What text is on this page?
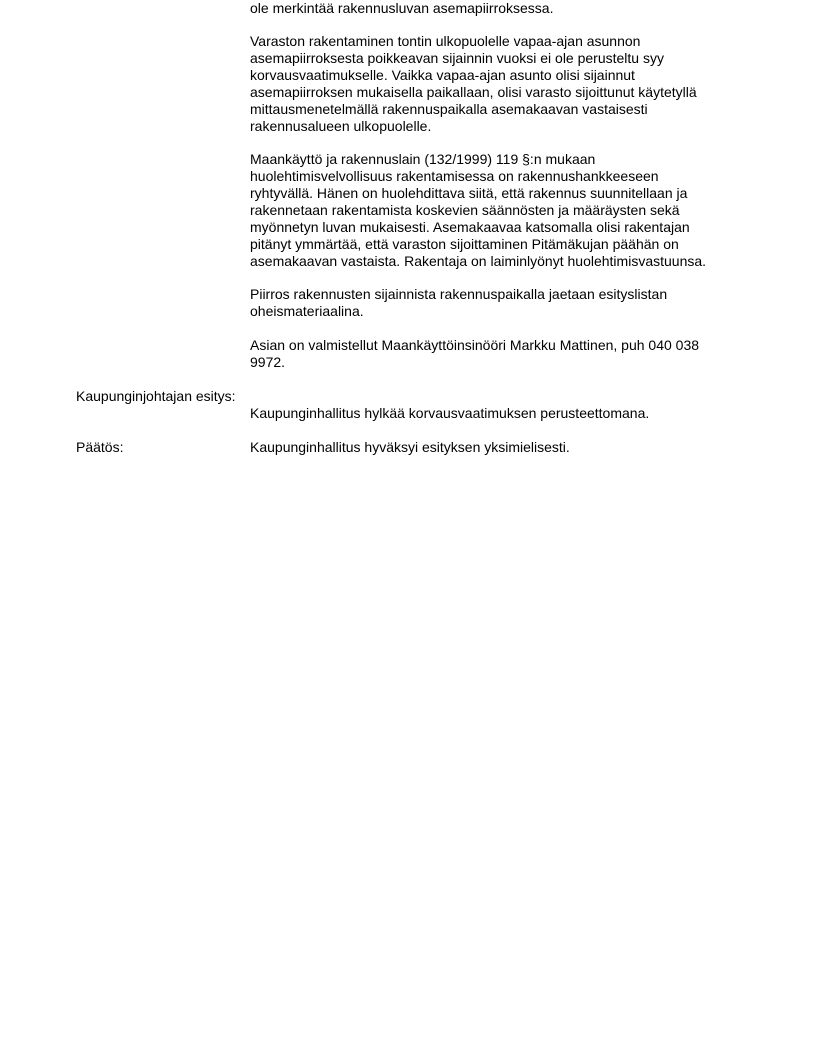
ole merkintää rakennusluvan asemapiirroksessa.

Varaston rakentaminen tontin ulkopuolelle vapaa-ajan asunnon
asemapiirroksesta poikkeavan sijainnin vuoksi ei ole perusteltu syy
korvausvaatimukselle. Vaikka vapaa-ajan asunto olisi sijainnut
asemapiirroksen mukaisella paikallaan, olisi varasto sijoittunut käytetyllä
mittausmenetelmällä rakennuspaikalla asemakaavan vastaisesti
rakennusalueen ulkopuolelle.

Maankäyttö ja rakennuslain (132/1999) 119 §:n mukaan
huolehtimisvelvollisuus rakentamisessa on rakennushankkeeseen
ryhtyvällä. Hänen on huolehdittava siitä, että rakennus suunnitellaan ja
rakennetaan rakentamista koskevien säännösten ja määräysten sekä
myönnetyn luvan mukaisesti. Asemakaavaa katsomalla olisi rakentajan
pitänyt ymmärtää, että varaston sijoittaminen Pitämäkujan päähän on
asemakaavan vastaista. Rakentaja on laiminlyönyt huolehtimisvastuunsa.

Piirros rakennusten sijainnista rakennuspaikalla jaetaan esityslistan
oheismateriaalina.

Asian on valmistellut Maankäyttöinsinööri Markku Mattinen, puh 040 038
9972.

Kaupunginjohtajan esitys:

Kaupunginhallitus hylkää korvausvaatimuksen perusteettomana.

Päätös:	Kaupunginhallitus hyväksyi esityksen yksimielisesti.
